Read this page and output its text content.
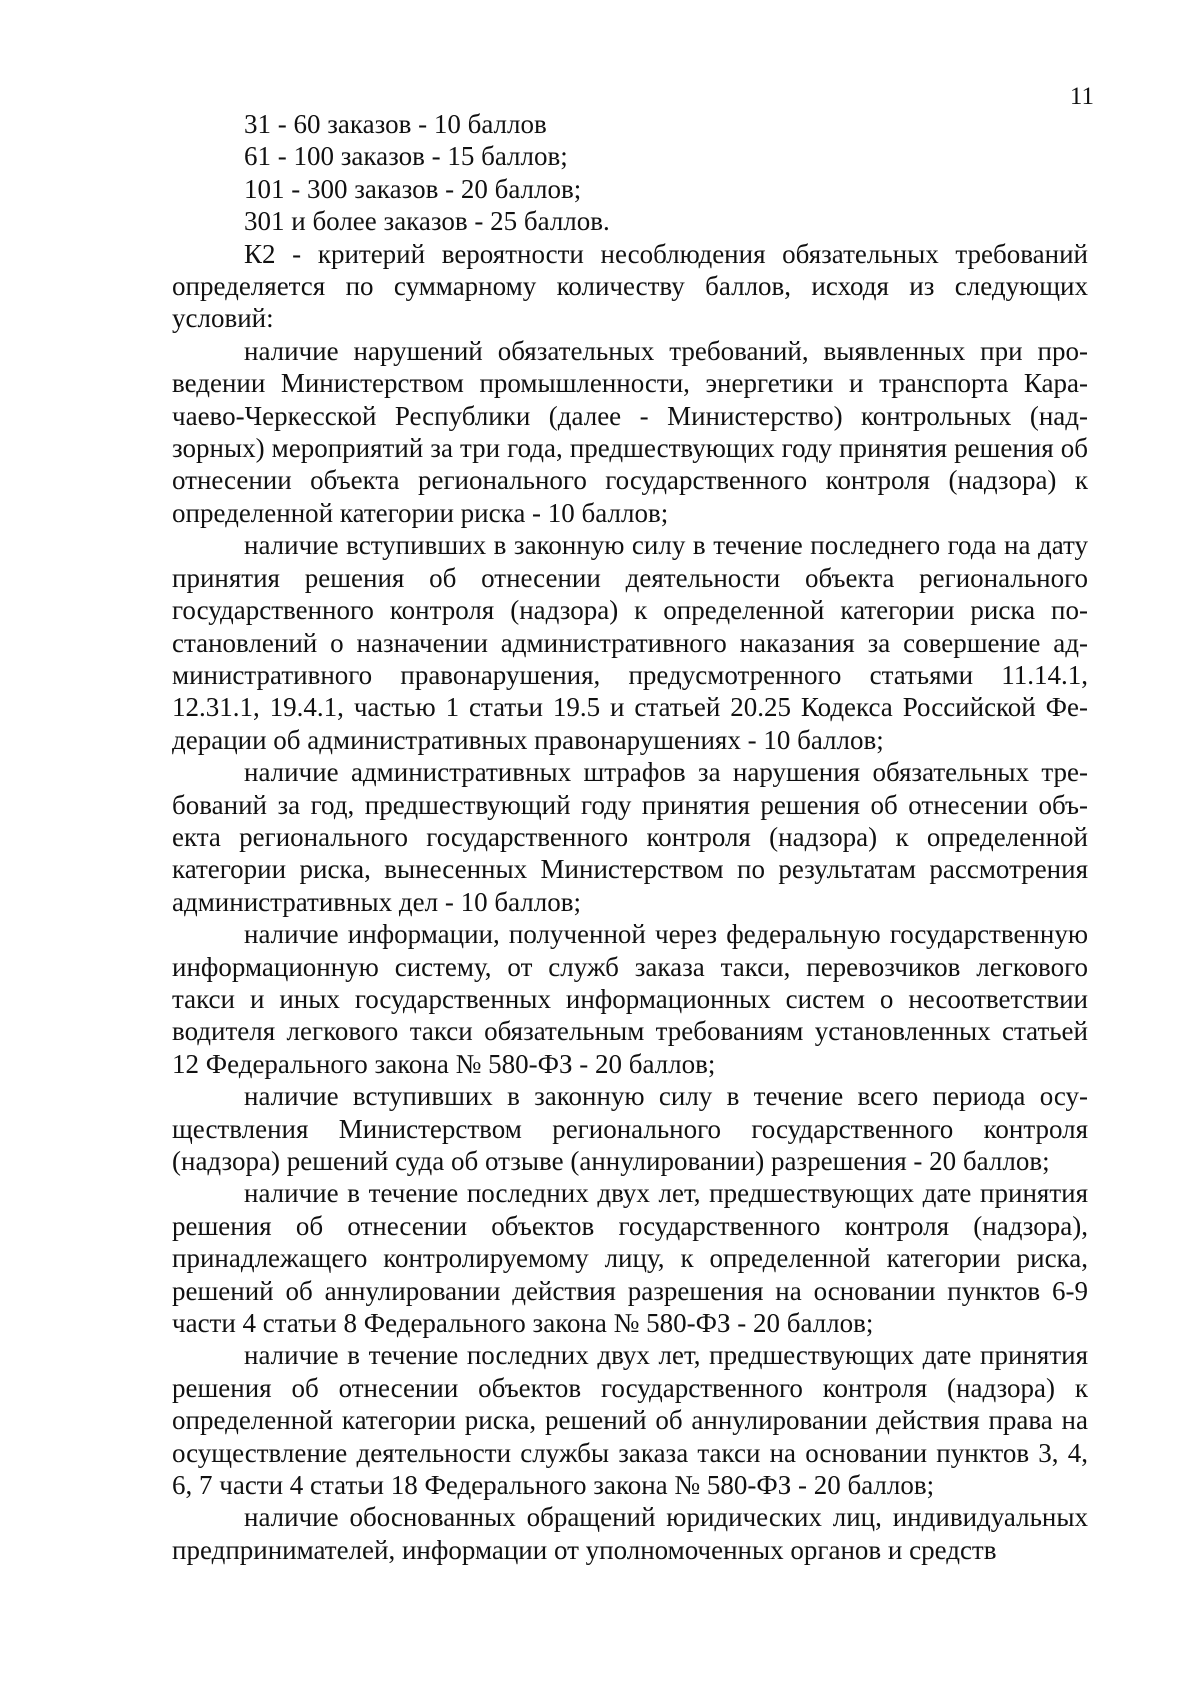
11
31 - 60 заказов - 10 баллов
61 - 100 заказов - 15 баллов;
101 - 300 заказов - 20 баллов;
301 и более заказов - 25 баллов.

К2 - критерий вероятности несоблюдения обязательных требований определяется по суммарному количеству баллов, исходя из следующих условий:

наличие нарушений обязательных требований, выявленных при проведении Министерством промышленности, энергетики и транспорта Карачаево-Черкесской Республики (далее - Министерство) контрольных (надзорных) мероприятий за три года, предшествующих году принятия решения об отнесении объекта регионального государственного контроля (надзора) к определенной категории риска - 10 баллов;

наличие вступивших в законную силу в течение последнего года на дату принятия решения об отнесении деятельности объекта регионального государственного контроля (надзора) к определенной категории риска постановлений о назначении административного наказания за совершение административного правонарушения, предусмотренного статьями 11.14.1, 12.31.1, 19.4.1, частью 1 статьи 19.5 и статьей 20.25 Кодекса Российской Федерации об административных правонарушениях - 10 баллов;

наличие административных штрафов за нарушения обязательных требований за год, предшествующий году принятия решения об отнесении объекта регионального государственного контроля (надзора) к определенной категории риска, вынесенных Министерством по результатам рассмотрения административных дел - 10 баллов;

наличие информации, полученной через федеральную государственную информационную систему, от служб заказа такси, перевозчиков легкового такси и иных государственных информационных систем о несоответствии водителя легкового такси обязательным требованиям установленных статьей 12 Федерального закона № 580-ФЗ - 20 баллов;

наличие вступивших в законную силу в течение всего периода осуществления Министерством регионального государственного контроля (надзора) решений суда об отзыве (аннулировании) разрешения - 20 баллов;

наличие в течение последних двух лет, предшествующих дате принятия решения об отнесении объектов государственного контроля (надзора), принадлежащего контролируемому лицу, к определенной категории риска, решений об аннулировании действия разрешения на основании пунктов 6-9 части 4 статьи 8 Федерального закона № 580-ФЗ - 20 баллов;

наличие в течение последних двух лет, предшествующих дате принятия решения об отнесении объектов государственного контроля (надзора) к определенной категории риска, решений об аннулировании действия права на осуществление деятельности службы заказа такси на основании пунктов 3, 4, 6, 7 части 4 статьи 18 Федерального закона № 580-ФЗ - 20 баллов;

наличие обоснованных обращений юридических лиц, индивидуальных предпринимателей, информации от уполномоченных органов и средств
